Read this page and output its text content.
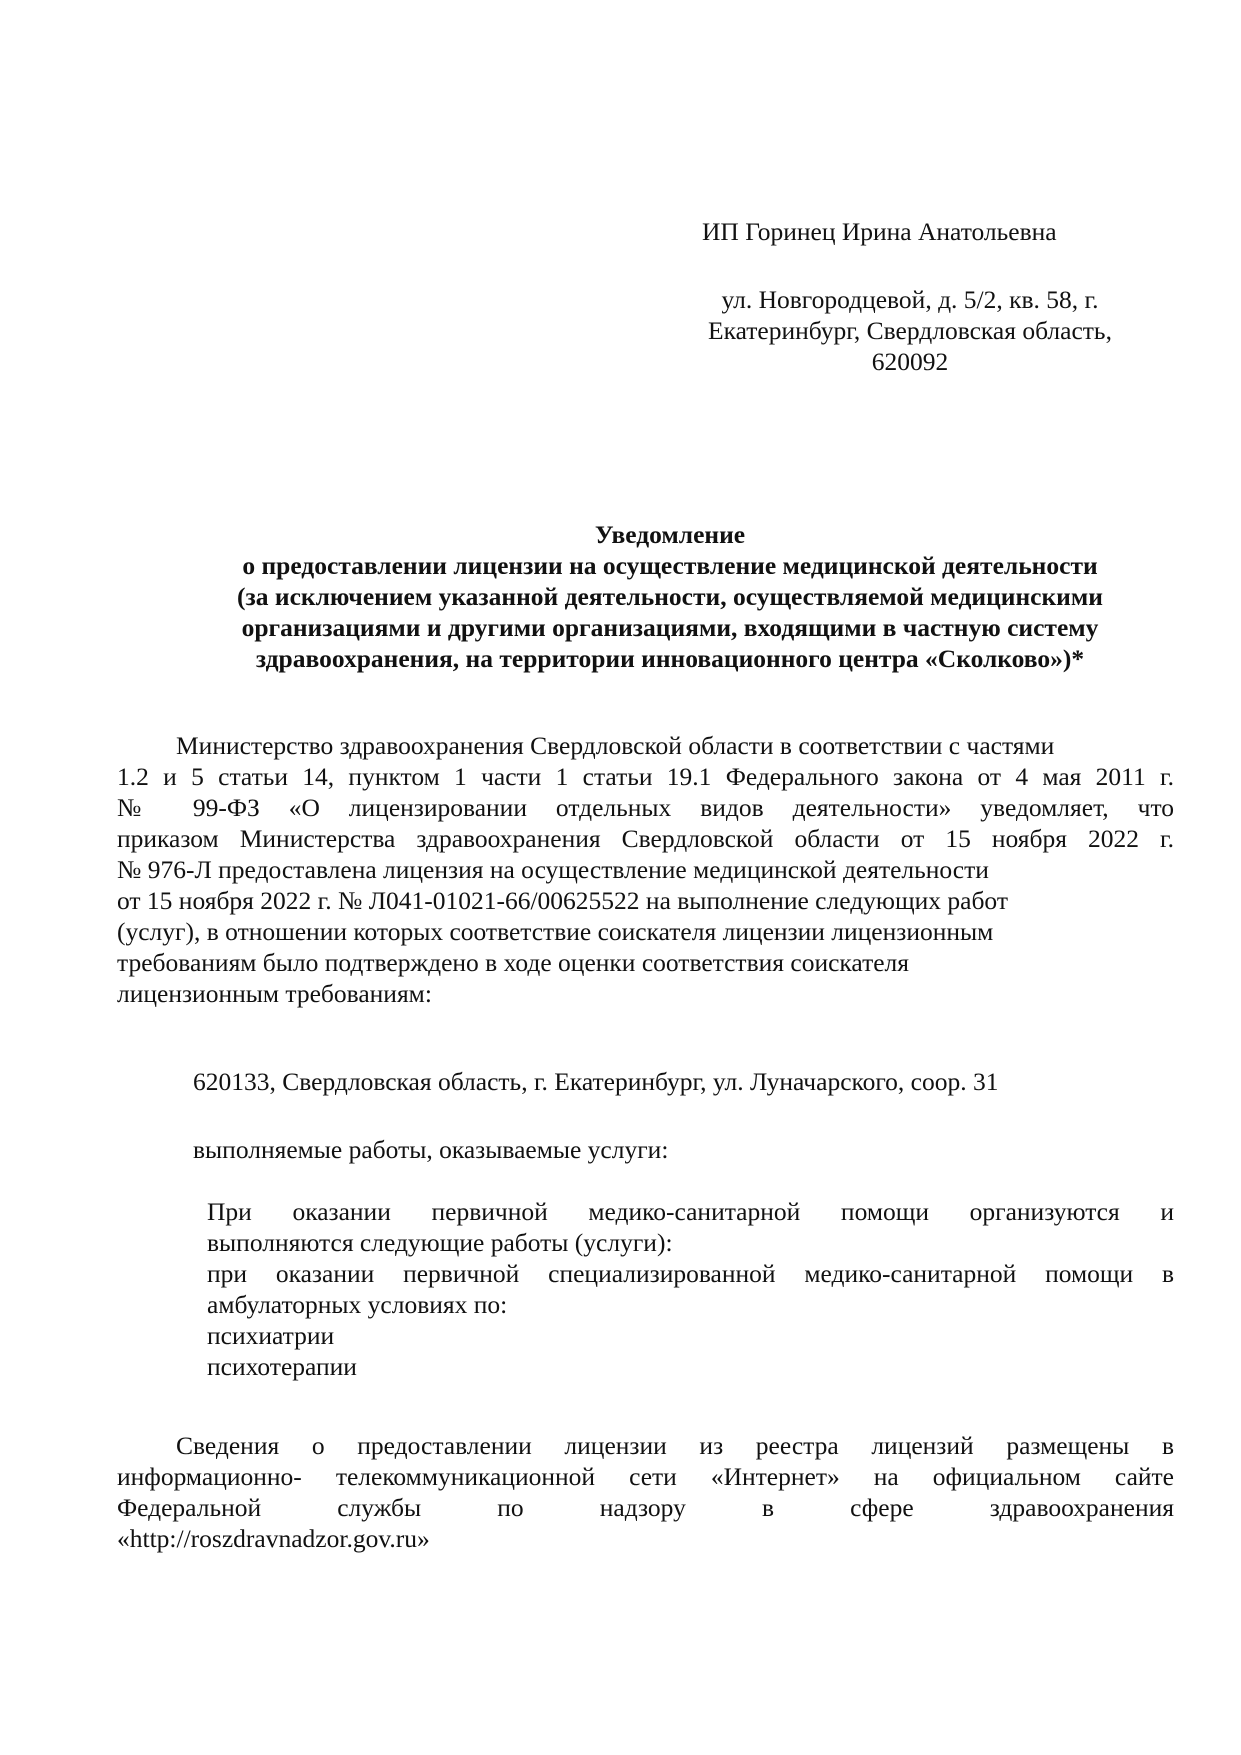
ИП Горинец Ирина Анатольевна
ул. Новгородцевой, д. 5/2, кв. 58, г.
Екатеринбург, Свердловская область,
620092
Уведомление
о предоставлении лицензии на осуществление медицинской деятельности
(за исключением указанной деятельности, осуществляемой медицинскими
организациями и другими организациями, входящими в частную систему
здравоохранения, на территории инновационного центра «Сколково»)*
Министерство здравоохранения Свердловской области в соответствии с частями
1.2 и 5 статьи 14, пунктом 1 части 1 статьи 19.1 Федерального закона от 4 мая 2011 г.
№ 99-ФЗ «О лицензировании отдельных видов деятельности» уведомляет, что
приказом Министерства здравоохранения Свердловской области от 15 ноября 2022 г.
№ 976-Л предоставлена лицензия на осуществление медицинской деятельности
от 15 ноября 2022 г. № Л041-01021-66/00625522 на выполнение следующих работ
(услуг), в отношении которых соответствие соискателя лицензии лицензионным
требованиям было подтверждено в ходе оценки соответствия соискателя
лицензионным требованиям:
620133, Свердловская область, г. Екатеринбург, ул. Луначарского, соор. 31
выполняемые работы, оказываемые услуги:
При оказании первичной медико-санитарной помощи организуются и
выполняются следующие работы (услуги):
при оказании первичной специализированной медико-санитарной помощи в
амбулаторных условиях по:
психиатрии
психотерапии
Сведения о предоставлении лицензии из реестра лицензий размещены в
информационно- телекоммуникационной сети «Интернет» на официальном сайте
Федеральной службы по надзору в сфере здравоохранения
«http://roszdravnadzor.gov.ru»
